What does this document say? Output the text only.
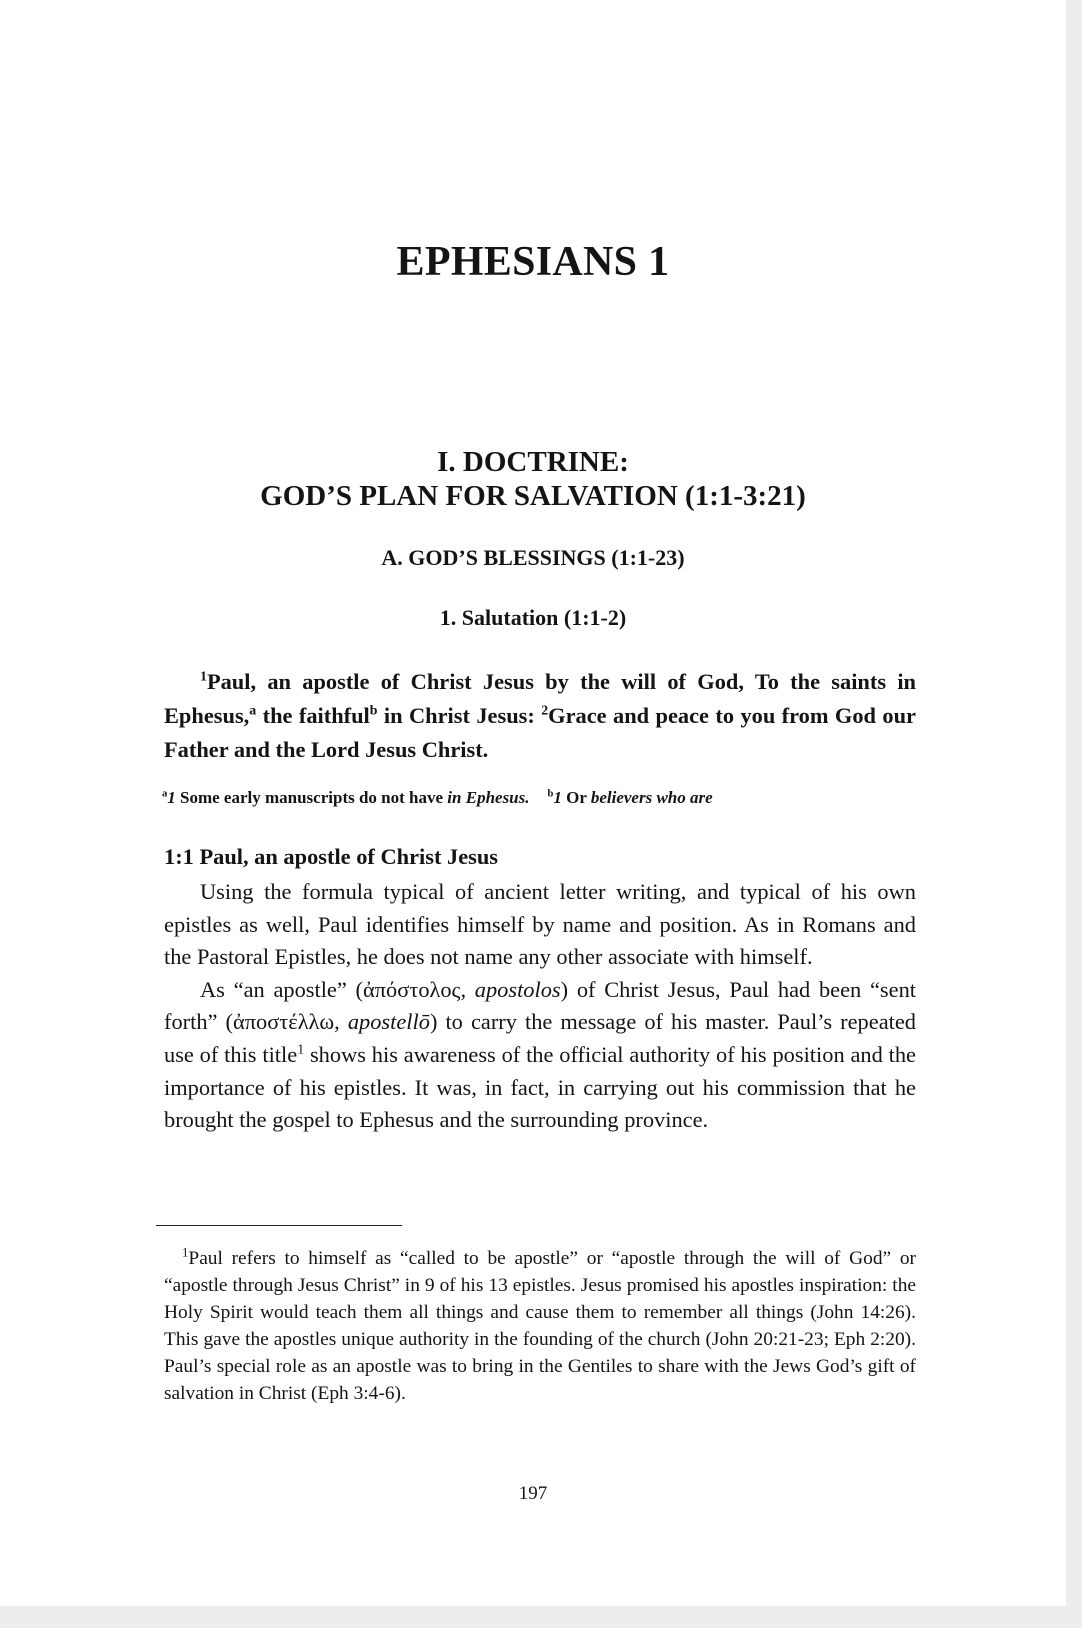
EPHESIANS 1
I. DOCTRINE:
GOD’S PLAN FOR SALVATION (1:1-3:21)
A. GOD’S BLESSINGS (1:1-23)
1. Salutation (1:1-2)

$^1$Paul, an apostle of Christ Jesus by the will of God, To the saints in Ephesus,$^a$ the faithful$^b$ in Christ Jesus: $^2$Grace and peace to you from God our Father and the Lord Jesus Christ.

$^a$1 Some early manuscripts do not have in Ephesus. $^b$1 Or believers who are

1:1 Paul, an apostle of Christ Jesus

Using the formula typical of ancient letter writing, and typical of his own epistles as well, Paul identifies himself by name and position. As in Romans and the Pastoral Epistles, he does not name any other associate with himself.

As “an apostle” (ἀπόστολος, apostolos) of Christ Jesus, Paul had been “sent forth” (ἀποστέλλω, apostellō) to carry the message of his master. Paul’s repeated use of this title$^1$ shows his awareness of the official authority of his position and the importance of his epistles. It was, in fact, in carrying out his commission that he brought the gospel to Ephesus and the surrounding province.

$^1$Paul refers to himself as “called to be apostle” or “apostle through the will of God” or “apostle through Jesus Christ” in 9 of his 13 epistles. Jesus promised his apostles inspiration: the Holy Spirit would teach them all things and cause them to remember all things (John 14:26). This gave the apostles unique authority in the founding of the church (John 20:21-23; Eph 2:20). Paul’s special role as an apostle was to bring in the Gentiles to share with the Jews God’s gift of salvation in Christ (Eph 3:4-6).

197
